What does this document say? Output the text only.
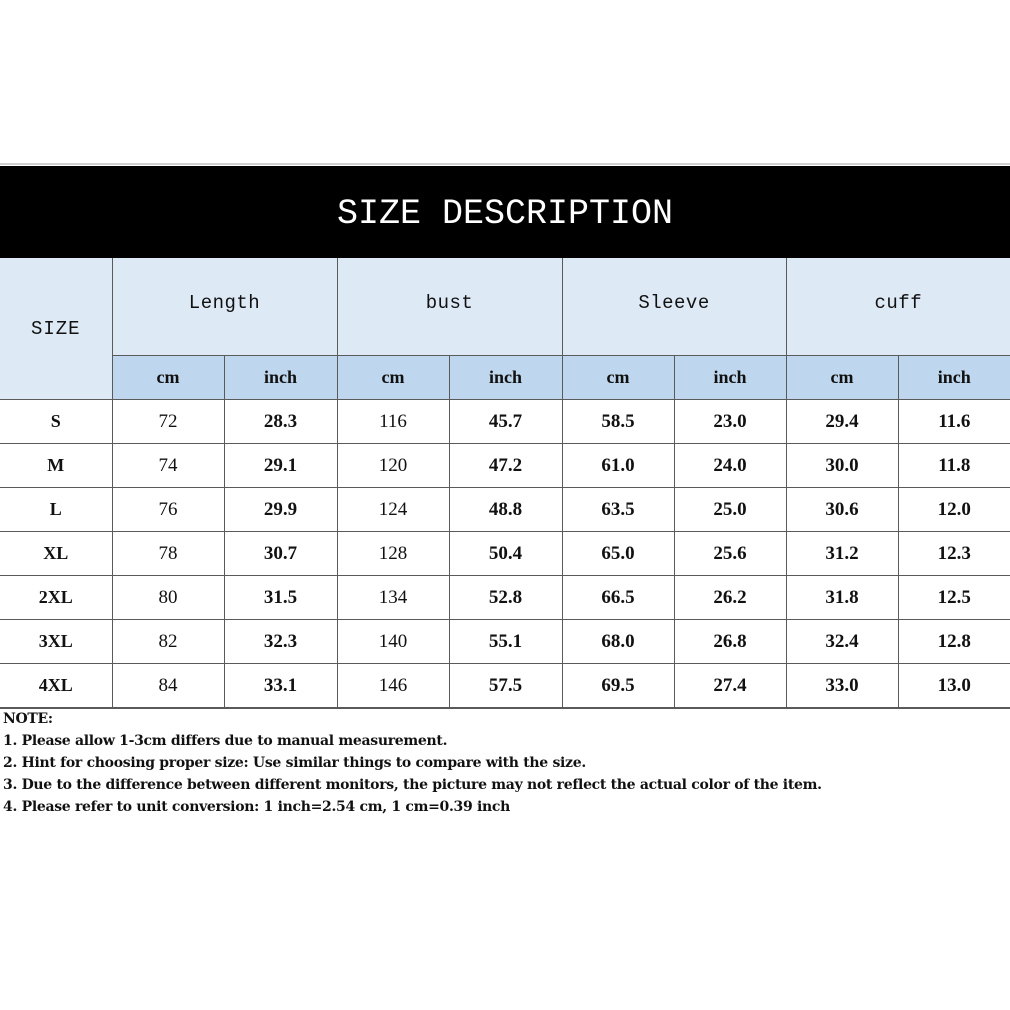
SIZE DESCRIPTION
SIZE	Length		bust		Sleeve		cuff	
	cm	inch	cm	inch	cm	inch	cm	inch
S	72	28.3	116	45.7	58.5	23.0	29.4	11.6
M	74	29.1	120	47.2	61.0	24.0	30.0	11.8
L	76	29.9	124	48.8	63.5	25.0	30.6	12.0
XL	78	30.7	128	50.4	65.0	25.6	31.2	12.3
2XL	80	31.5	134	52.8	66.5	26.2	31.8	12.5
3XL	82	32.3	140	55.1	68.0	26.8	32.4	12.8
4XL	84	33.1	146	57.5	69.5	27.4	33.0	13.0
NOTE:
1. Please allow 1-3cm differs due to manual measurement.
2. Hint for choosing proper size: Use similar things to compare with the size.
3. Due to the difference between different monitors, the picture may not reflect the actual color of the item.
4. Please refer to unit conversion: 1 inch=2.54 cm, 1 cm=0.39 inch
